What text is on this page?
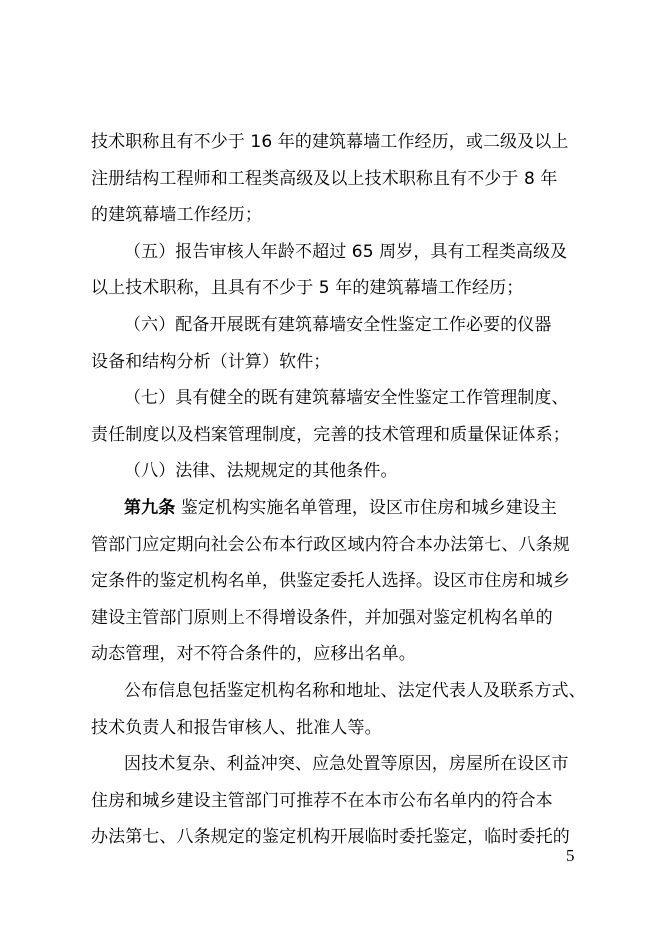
技术职称且有不少于 16 年的建筑幕墙工作经历，或二级及以上
注册结构工程师和工程类高级及以上技术职称且有不少于 8 年
的建筑幕墙工作经历；
（五）报告审核人年龄不超过 65 周岁，具有工程类高级及
以上技术职称，且具有不少于 5 年的建筑幕墙工作经历；
（六）配备开展既有建筑幕墙安全性鉴定工作必要的仪器
设备和结构分析（计算）软件；
（七）具有健全的既有建筑幕墙安全性鉴定工作管理制度、
责任制度以及档案管理制度，完善的技术管理和质量保证体系；
（八）法律、法规规定的其他条件。
第九条 鉴定机构实施名单管理，设区市住房和城乡建设主
管部门应定期向社会公布本行政区域内符合本办法第七、八条规
定条件的鉴定机构名单，供鉴定委托人选择。设区市住房和城乡
建设主管部门原则上不得增设条件，并加强对鉴定机构名单的
动态管理，对不符合条件的，应移出名单。
公布信息包括鉴定机构名称和地址、法定代表人及联系方式、
技术负责人和报告审核人、批准人等。
因技术复杂、利益冲突、应急处置等原因，房屋所在设区市
住房和城乡建设主管部门可推荐不在本市公布名单内的符合本
办法第七、八条规定的鉴定机构开展临时委托鉴定，临时委托的
5
